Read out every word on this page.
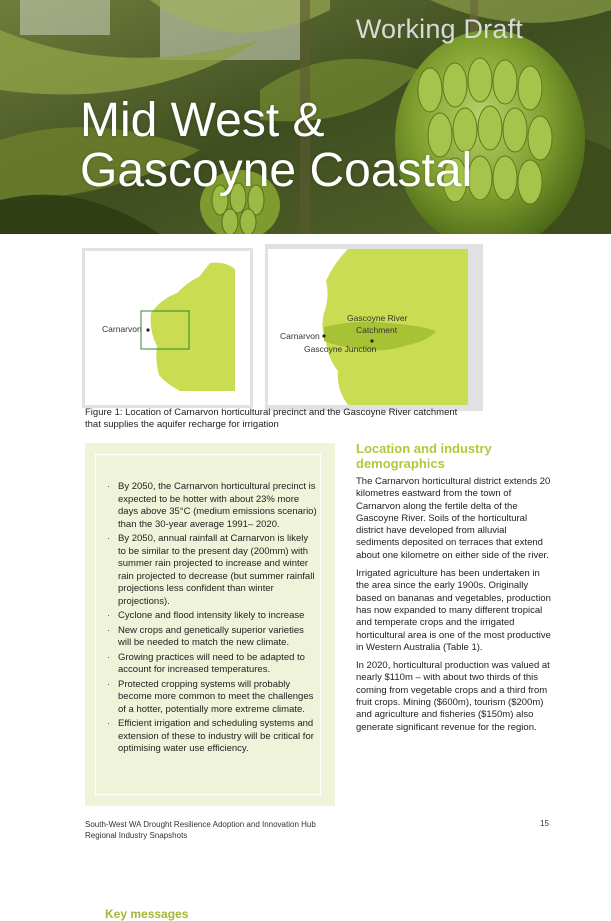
Working Draft
Mid West &
Gascoyne Coastal
Carnarvon
Carnarvon
Gascoyne Junction
Gascoyne River
Catchment
Figure 1: Location of Carnarvon horticultural precinct and the Gascoyne River catchment that supplies the aquifer recharge for irrigation
Key messages
· By 2050, the Carnarvon horticultural precinct is expected to be hotter with about 23% more days above 35°C (medium emissions scenario) than the 30-year average 1991– 2020.
· By 2050, annual rainfall at Carnarvon is likely to be similar to the present day (200mm) with summer rain projected to increase and winter rain projected to decrease (but summer rainfall projections less confident than winter projections).
· Cyclone and flood intensity likely to increase
· New crops and genetically superior varieties will be needed to match the new climate.
· Growing practices will need to be adapted to account for increased temperatures.
· Protected cropping systems will probably become more common to meet the challenges of a hotter, potentially more extreme climate.
· Efficient irrigation and scheduling systems and extension of these to industry will be critical for optimising water use efficiency.
Location and industry demographics

The Carnarvon horticultural district extends 20 kilometres eastward from the town of Carnarvon along the fertile delta of the Gascoyne River. Soils of the horticultural district have developed from alluvial sediments deposited on terraces that extend about one kilometre on either side of the river.

Irrigated agriculture has been undertaken in the area since the early 1900s. Originally based on bananas and vegetables, production has now expanded to many different tropical and temperate crops and the irrigated horticultural area is one of the most productive in Western Australia (Table 1).

In 2020, horticultural production was valued at nearly $110m – with about two thirds of this coming from vegetable crops and a third from fruit crops. Mining ($600m), tourism ($200m) and agriculture and fisheries ($150m) also generate significant revenue for the region.

South-West WA Drought Resilience Adoption and Innovation Hub
Regional Industry Snapshots
15
